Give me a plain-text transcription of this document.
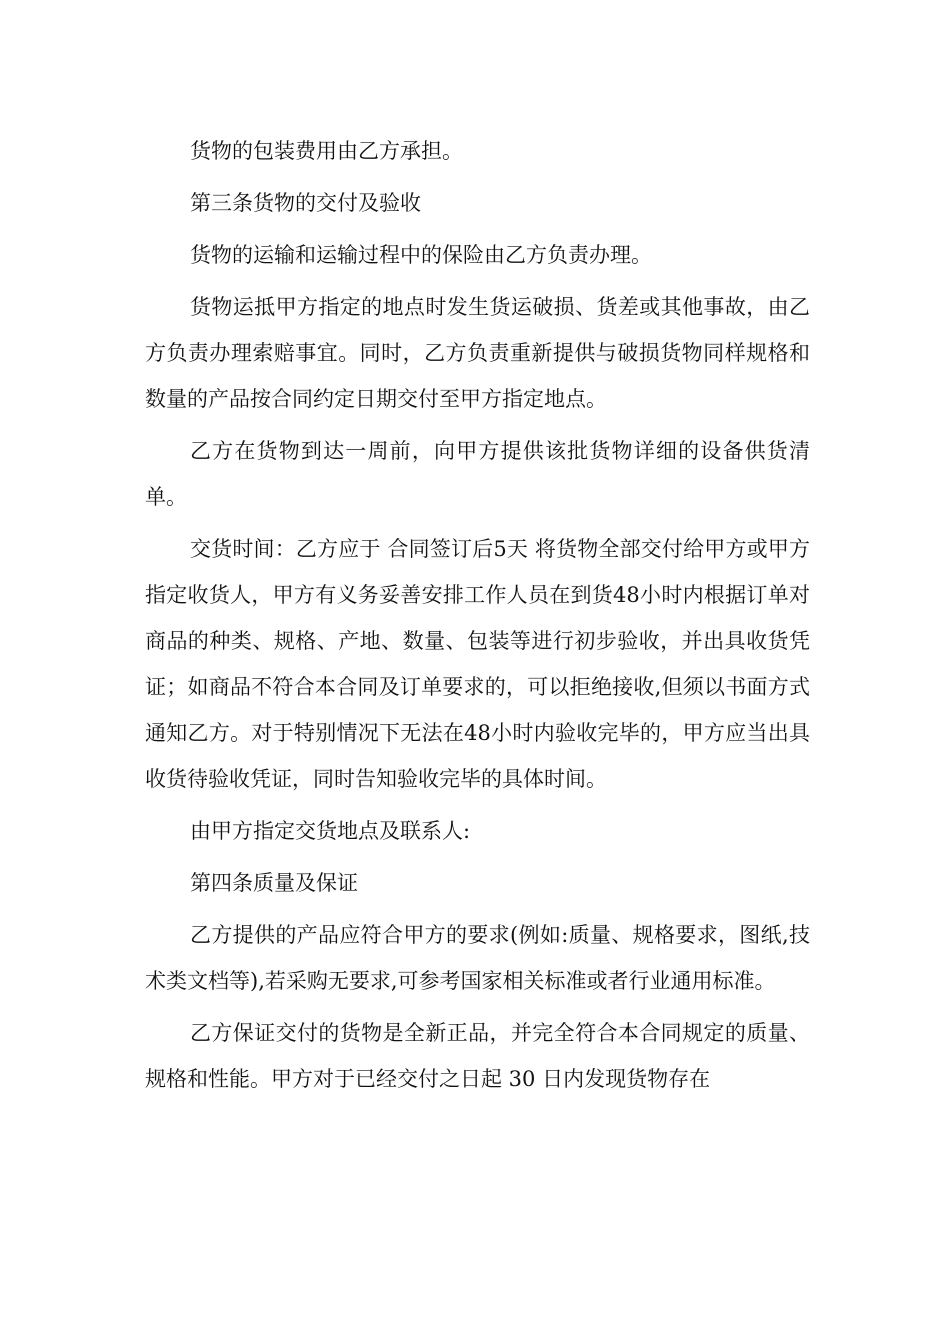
货物的包装费用由乙方承担。

第三条货物的交付及验收

货物的运输和运输过程中的保险由乙方负责办理。

货物运抵甲方指定的地点时发生货运破损、货差或其他事故，由乙方负责办理索赔事宜。同时，乙方负责重新提供与破损货物同样规格和数量的产品按合同约定日期交付至甲方指定地点。

乙方在货物到达一周前，向甲方提供该批货物详细的设备供货清单。

交货时间：乙方应于 合同签订后5天 将货物全部交付给甲方或甲方指定收货人，甲方有义务妥善安排工作人员在到货48小时内根据订单对商品的种类、规格、产地、数量、包装等进行初步验收，并出具收货凭证；如商品不符合本合同及订单要求的，可以拒绝接收,但须以书面方式通知乙方。对于特别情况下无法在48小时内验收完毕的，甲方应当出具收货待验收凭证，同时告知验收完毕的具体时间。

由甲方指定交货地点及联系人:

第四条质量及保证

乙方提供的产品应符合甲方的要求(例如:质量、规格要求，图纸,技术类文档等),若采购无要求,可参考国家相关标准或者行业通用标准。

乙方保证交付的货物是全新正品，并完全符合本合同规定的质量、规格和性能。甲方对于已经交付之日起 30 日内发现货物存在
